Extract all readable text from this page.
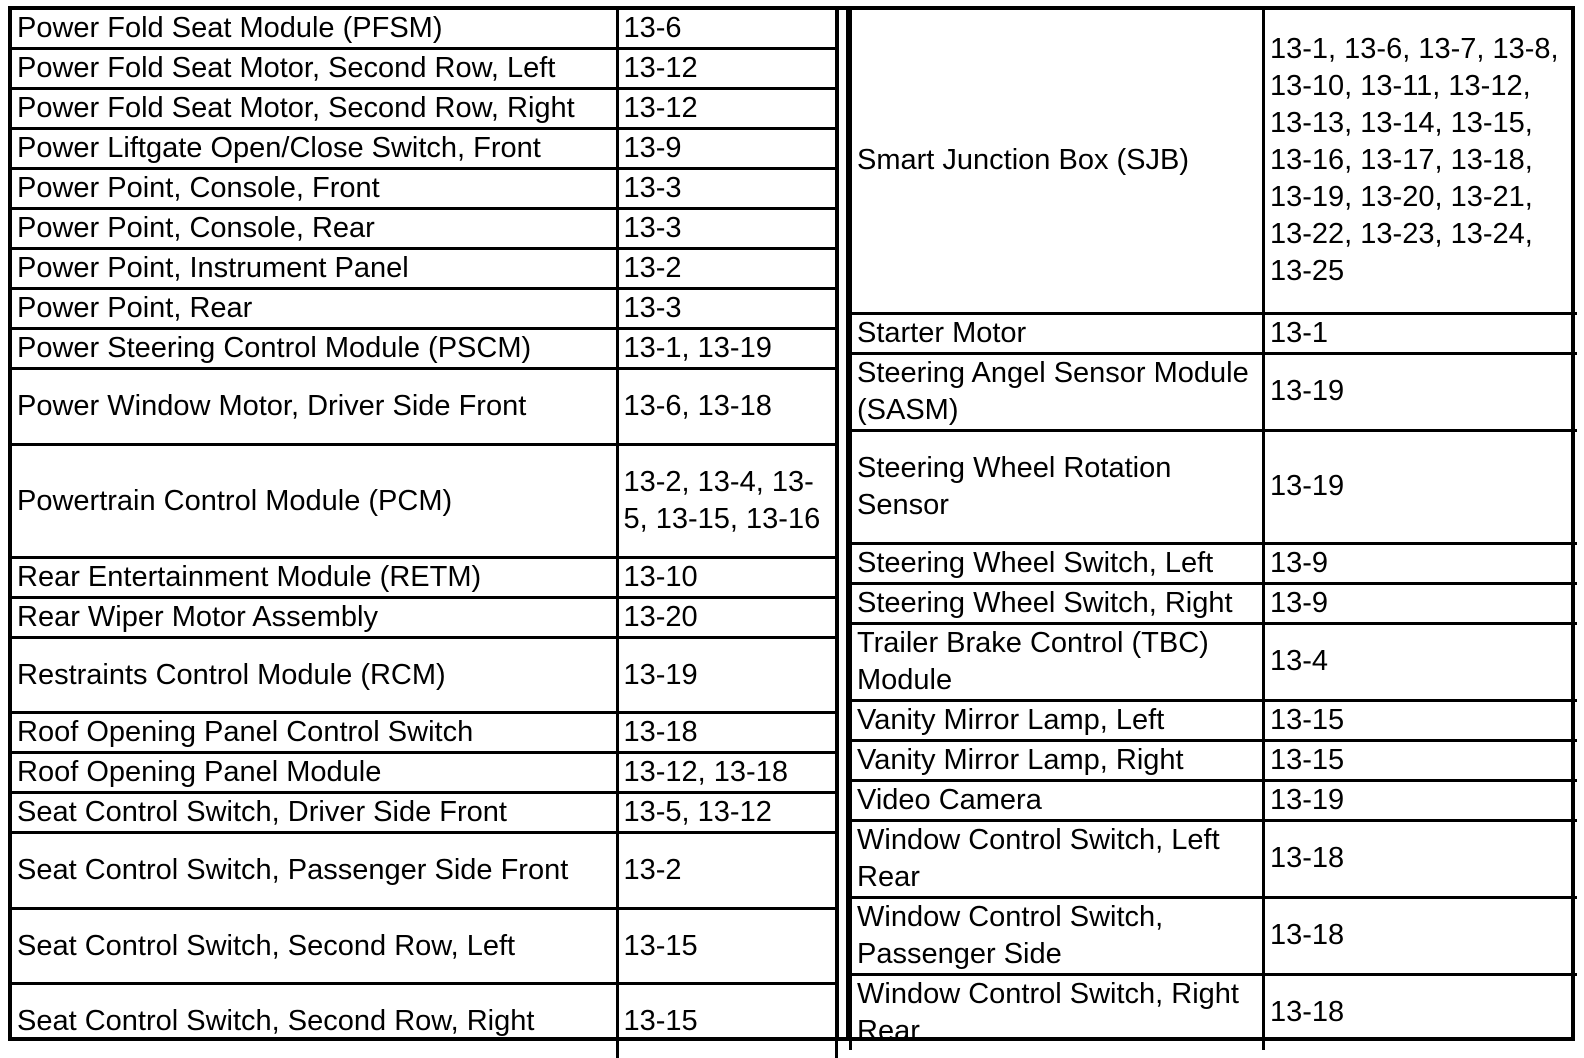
Power Fold Seat Module (PFSM)	13-6
Power Fold Seat Motor, Second Row, Left	13-12
Power Fold Seat Motor, Second Row, Right	13-12
Power Liftgate Open/Close Switch, Front	13-9
Power Point, Console, Front	13-3
Power Point, Console, Rear	13-3
Power Point, Instrument Panel	13-2
Power Point, Rear	13-3
Power Steering Control Module (PSCM)	13-1, 13-19
Power Window Motor, Driver Side Front	13-6, 13-18
Powertrain Control Module (PCM)	13-2, 13-4, 13-5, 13-15, 13-16
Rear Entertainment Module (RETM)	13-10
Rear Wiper Motor Assembly	13-20
Restraints Control Module (RCM)	13-19
Roof Opening Panel Control Switch	13-18
Roof Opening Panel Module	13-12, 13-18
Seat Control Switch, Driver Side Front	13-5, 13-12
Seat Control Switch, Passenger Side Front	13-2
Seat Control Switch, Second Row, Left	13-15
Seat Control Switch, Second Row, Right	13-15
Smart Junction Box (SJB)	13-1, 13-6, 13-7, 13-8, 13-10, 13-11, 13-12, 13-13, 13-14, 13-15, 13-16, 13-17, 13-18, 13-19, 13-20, 13-21, 13-22, 13-23, 13-24, 13-25
Starter Motor	13-1
Steering Angel Sensor Module (SASM)	13-19
Steering Wheel Rotation Sensor	13-19
Steering Wheel Switch, Left	13-9
Steering Wheel Switch, Right	13-9
Trailer Brake Control (TBC) Module	13-4
Vanity Mirror Lamp, Left	13-15
Vanity Mirror Lamp, Right	13-15
Video Camera	13-19
Window Control Switch, Left Rear	13-18
Window Control Switch, Passenger Side	13-18
Window Control Switch, Right Rear	13-18
